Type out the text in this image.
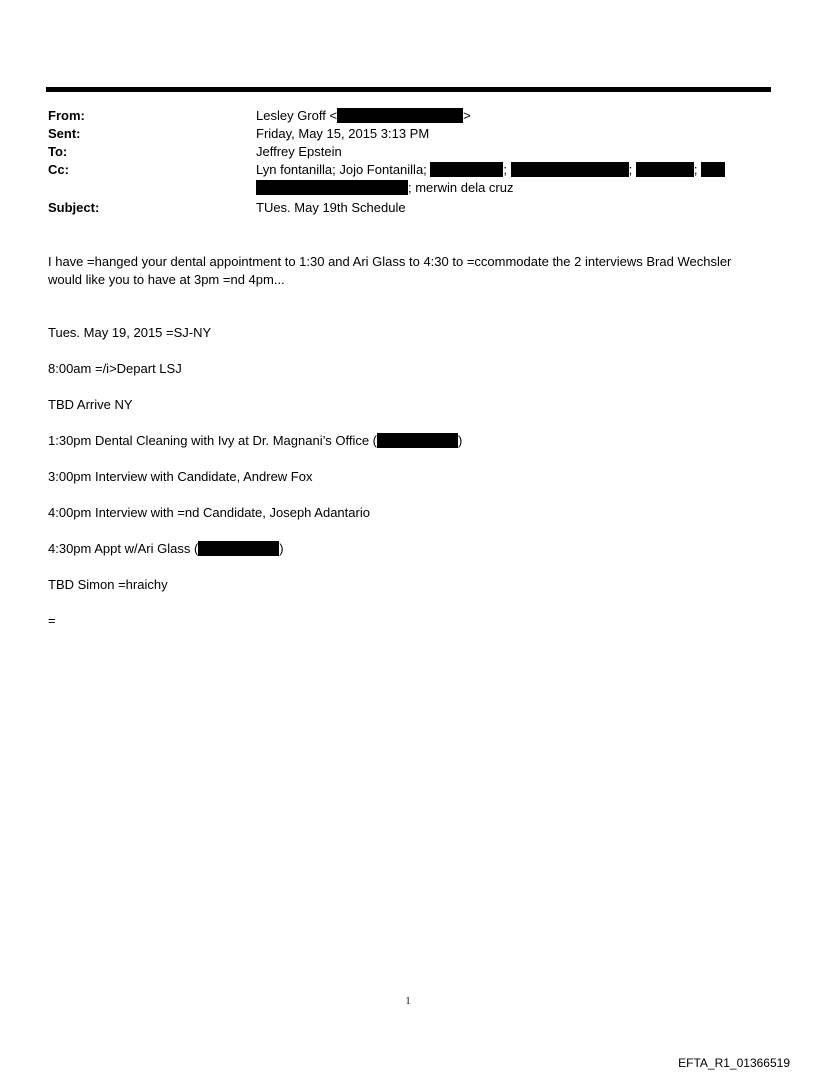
From:	Lesley Groff <	>
Sent:	Friday, May 15, 2015 3:13 PM
To:	Jeffrey Epstein
Cc:	Lyn fontanilla; Jojo Fontanilla;	;	;	;
; merwin dela cruz
Subject:	TUes. May 19th Schedule
I have =hanged your dental appointment to 1:30 and Ari Glass to 4:30 to =ccommodate the 2 interviews Brad Wechsler
would like you to have at 3pm =nd 4pm...
Tues. May 19, 2015 =SJ-NY
8:00am =/i>Depart LSJ
TBD Arrive NY
1:30pm Dental Cleaning with Ivy at Dr. Magnani’s Office (	)
3:00pm Interview with Candidate, Andrew Fox
4:00pm Interview with =nd Candidate, Joseph Adantario
4:30pm Appt w/Ari Glass (	)
TBD Simon =hraichy
=
1
EFTA_R1_01366519
